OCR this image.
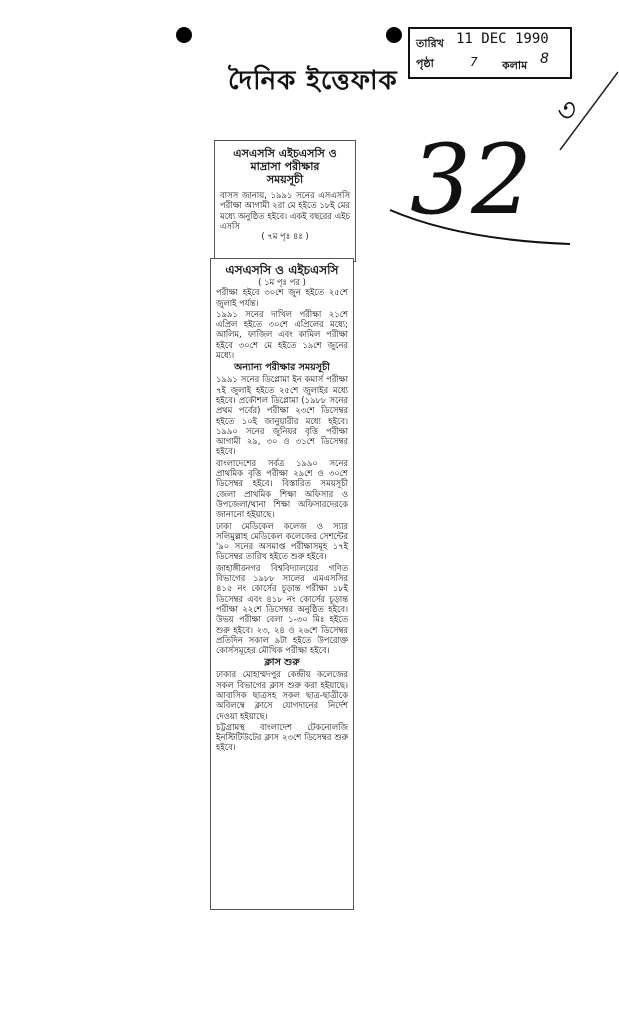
দৈনিক ইত্তেফাক
তারিখ 11 DEC 1990
পৃষ্ঠা	7 কলাম 8
32
৩
এসএসসি এইচএসসি ও
মাদ্রাসা পরীক্ষার
সময়সূচী
বাসস জানায়, ১৯৯১ সনের এসএসসি পরীক্ষা আগামী ২রা মে হইতে ১৮ই মের মধ্যে অনুষ্ঠিত হইবে। একই বছরের এইচ এসসি
( ৭ম পৃঃ ৪ঃ )
এসএসসি ও এইচএসসি
( ১ম পৃঃ পর )

পরীক্ষা হইবে ৩০শে জুন হইতে ২৫শে জুলাই পর্যন্ত।

১৯৯১ সনের দাখিল পরীক্ষা ২১শে এপ্রিল হইতে ৩০শে এপ্রিলের মধ্যে; আলিম, ফাজিল এবং কামিল পরীক্ষা হইবে ৩০শে মে হইতে ১৯শে জুনের মধ্যে।

অন্যান্য পরীক্ষার সময়সূচী

১৯৯১ সনের ডিপ্লোমা ইন কমার্স পরীক্ষা ৭ই জুলাই হইতে ২৫শে জুলাইর মধ্যে হইবে। প্রকৌশল ডিপ্লোমা (১৯৮৮ সনের প্রথম পর্বের) পরীক্ষা ২৩শে ডিসেম্বর হইতে ১০ই জানুয়ারীর মধ্যে হইবে। ১৯৯০ সনের জুনিয়র বৃত্তি পরীক্ষা আগামী ২৯, ৩০ ও ৩১শে ডিসেম্বর হইবে।

বাংলাদেশের সর্বত্র ১৯৯০ সনের প্রাথমিক বৃত্তি পরীক্ষা ২৯শে ও ৩০শে ডিসেম্বর হইবে। বিস্তারিত সময়সূচী জেলা প্রাথমিক শিক্ষা অফিসার ও উপজেলা/থানা শিক্ষা অফিসারদেরকে জানানো হইয়াছে।

ঢাকা মেডিকেল কলেজ ও স্যার সলিমুল্লাহ মেডিকেল কলেজের সেশন্টের '৯০ সনের অসমাপ্ত পরীক্ষাসমূহ ১৭ই ডিসেম্বর তারিখ হইতে শুরু হইবে।

জাহাঙ্গীরনগর বিশ্ববিদ্যালয়ের গণিত বিভাগের ১৯৮৮ সালের এমএসসির ৪১৫ নং কোর্সের চূড়ান্ত পরীক্ষা ১৮ই ডিসেম্বর এবং ৪১৮ নং কোর্সের চূড়ান্ত পরীক্ষা ২২শে ডিসেম্বর অনুষ্ঠিত হইবে। উভয় পরীক্ষা বেলা ১-৩০ মিঃ হইতে শুরু হইবে। ২৩, ২৪ ও ২৬শে ডিসেম্বর প্রতিদিন সকাল ৯টা হইতে উপরোক্ত কোর্সসমূহের মৌখিক পরীক্ষা হইবে।

ক্লাস শুরু

ঢাকার মোহাম্মদপুর কেন্দ্রীয় কলেজের সকল বিভাগের ক্লাস শুরু করা হইয়াছে। আবাসিক ছাত্রসহ সকল ছাত্র-ছাত্রীকে অবিলম্বে ক্লাসে যোগদানের নির্দেশ দেওয়া হইয়াছে।

চট্টগ্রামস্থ বাংলাদেশ টেকনোলজি ইনস্টিটিউটের ক্লাস ২৩শে ডিসেম্বর শুরু হইবে।
